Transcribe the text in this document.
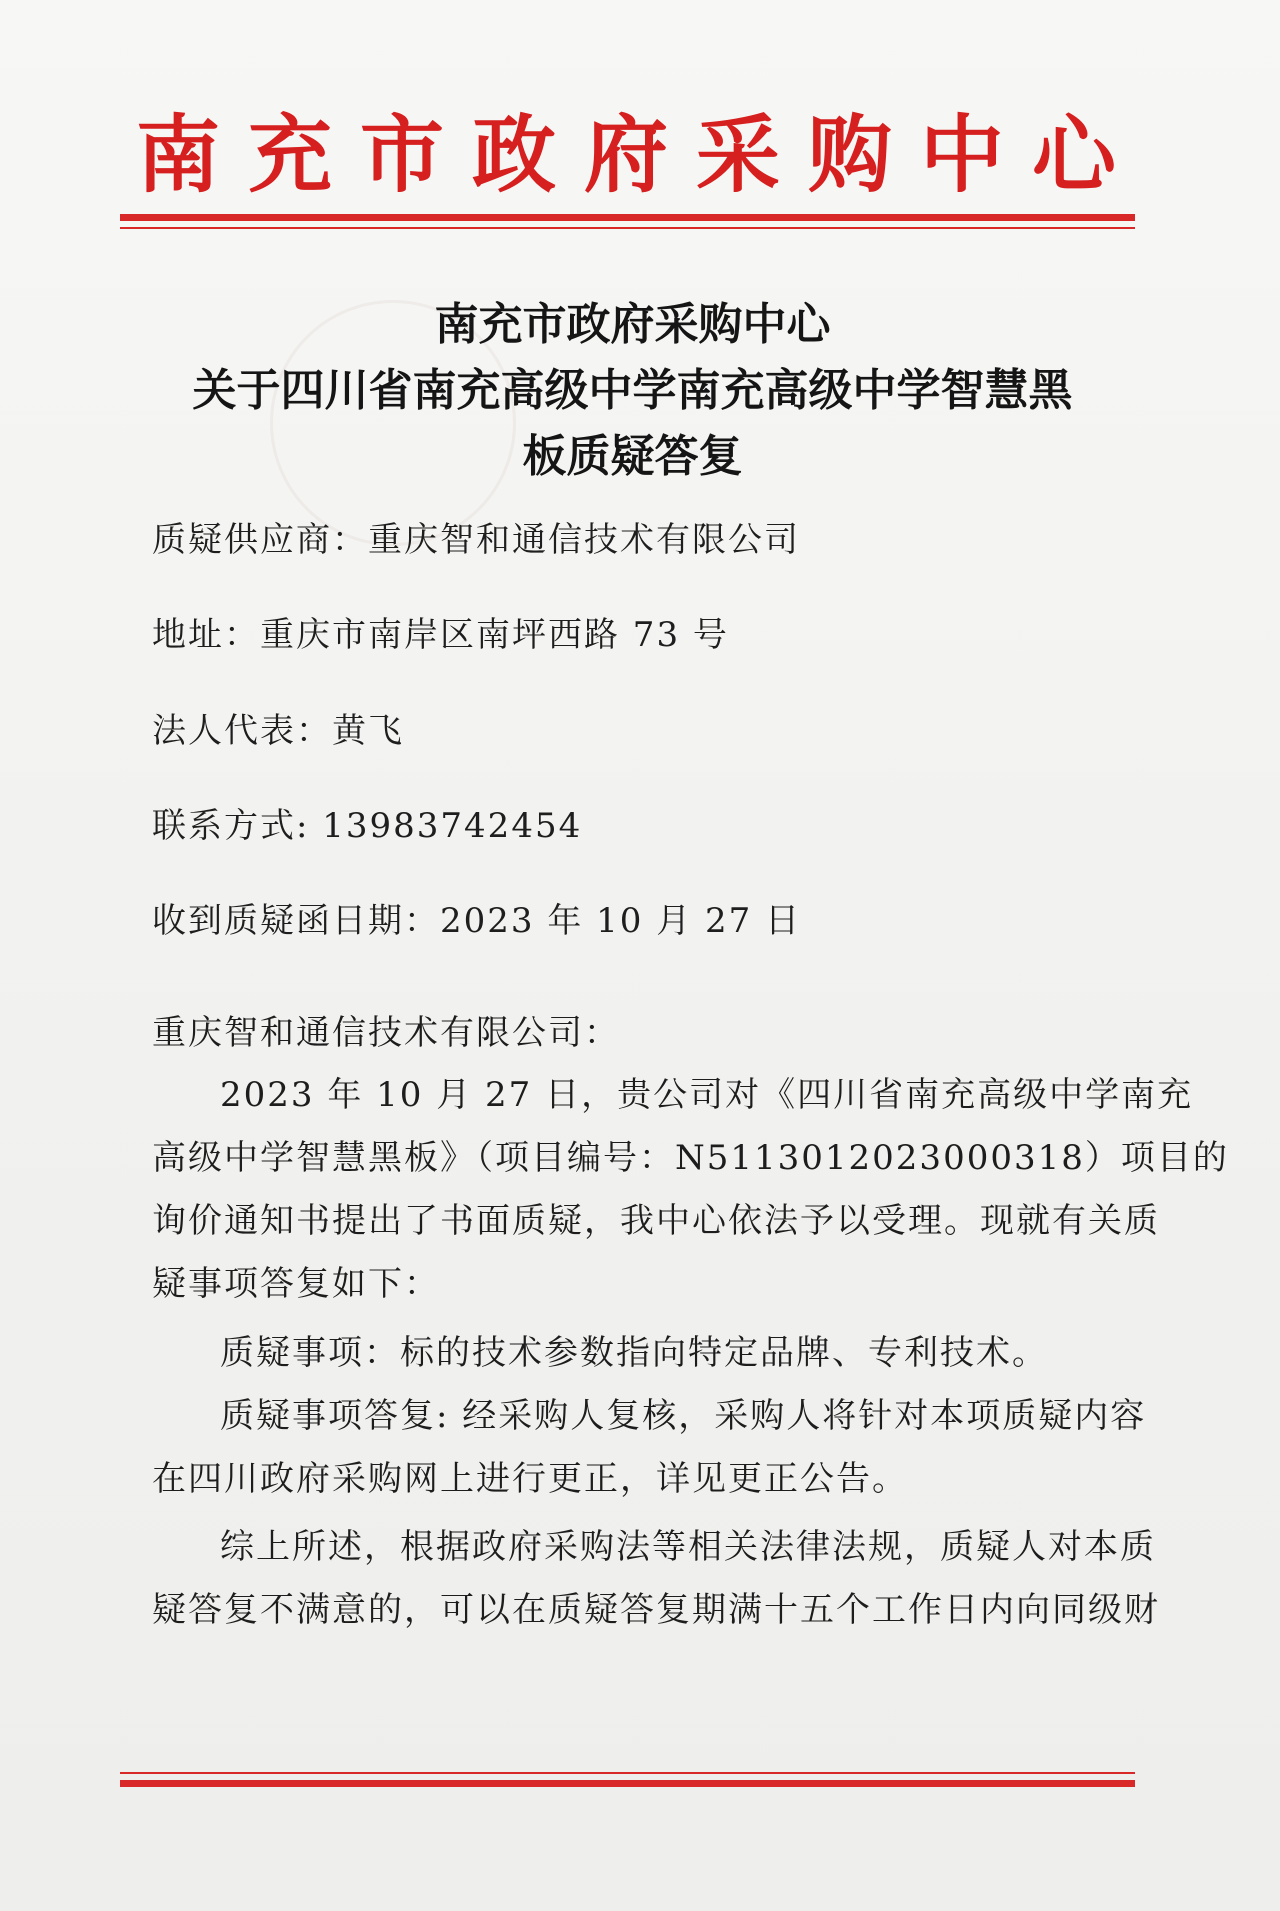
南充市政府采购中心
南充市政府采购中心
关于四川省南充高级中学南充高级中学智慧黑
板质疑答复
质疑供应商：重庆智和通信技术有限公司
地址：重庆市南岸区南坪西路 73 号
法人代表：黄飞
联系方式: 13983742454
收到质疑函日期：2023 年 10 月 27 日
重庆智和通信技术有限公司：
2023 年 10 月 27 日，贵公司对《四川省南充高级中学南充
高级中学智慧黑板》（项目编号：N5113012023000318）项目的
询价通知书提出了书面质疑，我中心依法予以受理。现就有关质
疑事项答复如下：
质疑事项：标的技术参数指向特定品牌、专利技术。
质疑事项答复: 经采购人复核，采购人将针对本项质疑内容
在四川政府采购网上进行更正，详见更正公告。
综上所述，根据政府采购法等相关法律法规，质疑人对本质
疑答复不满意的，可以在质疑答复期满十五个工作日内向同级财
